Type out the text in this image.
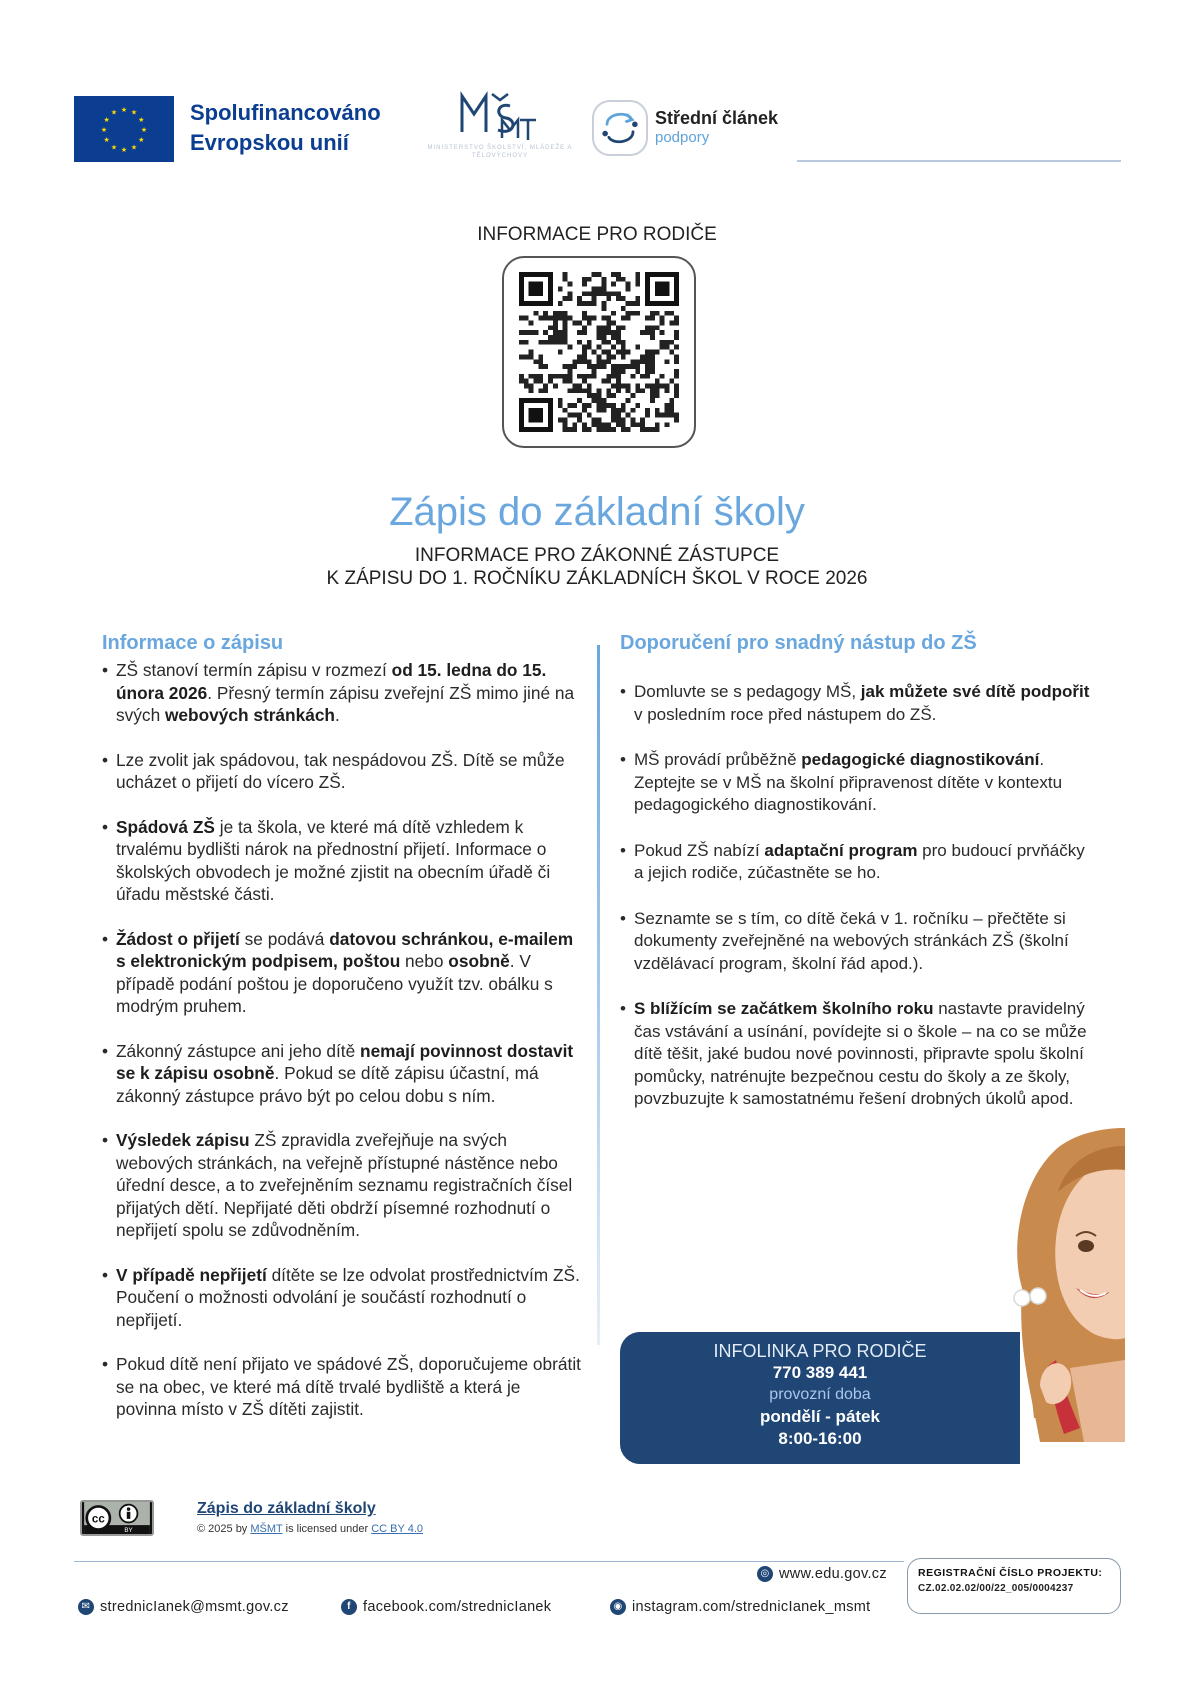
★ ★
★
★
★
★
★
★
★
★
★
★	Spolufinancováno
Evropskou unií	MINISTERSTVO ŠKOLSTVÍ, MLÁDEŽE A TĚLOVÝCHOVY
Střední článek
podpory
INFORMACE PRO RODIČE
Zápis do základní školy
INFORMACE PRO ZÁKONNÉ ZÁSTUPCE
K ZÁPISU DO 1. ROČNÍKU ZÁKLADNÍCH ŠKOL V ROCE 2026
Informace o zápisu
• ZŠ stanoví termín zápisu v rozmezí od 15. ledna do 15. února 2026. Přesný termín zápisu zveřejní ZŠ mimo jiné na svých webových stránkách.
• Lze zvolit jak spádovou, tak nespádovou ZŠ. Dítě se může ucházet o přijetí do vícero ZŠ.
• Spádová ZŠ je ta škola, ve které má dítě vzhledem k trvalému bydlišti nárok na přednostní přijetí. Informace o školských obvodech je možné zjistit na obecním úřadě či úřadu městské části.
• Žádost o přijetí se podává datovou schránkou, e-mailem s elektronickým podpisem, poštou nebo osobně. V případě podání poštou je doporučeno využít tzv. obálku s modrým pruhem.
• Zákonný zástupce ani jeho dítě nemají povinnost dostavit se k zápisu osobně. Pokud se dítě zápisu účastní, má zákonný zástupce právo být po celou dobu s ním.
• Výsledek zápisu ZŠ zpravidla zveřejňuje na svých webových stránkách, na veřejně přístupné nástěnce nebo úřední desce, a to zveřejněním seznamu registračních čísel přijatých dětí. Nepřijaté děti obdrží písemné rozhodnutí o nepřijetí spolu se zdůvodněním.
• V případě nepřijetí dítěte se lze odvolat prostřednictvím ZŠ. Poučení o možnosti odvolání je součástí rozhodnutí o nepřijetí.
• Pokud dítě není přijato ve spádové ZŠ, doporučujeme obrátit se na obec, ve které má dítě trvalé bydliště a která je povinna místo v ZŠ dítěti zajistit.
Doporučení pro snadný nástup do ZŠ
• Domluvte se s pedagogy MŠ, jak můžete své dítě podpořit v posledním roce před nástupem do ZŠ.
• MŠ provádí průběžně pedagogické diagnostikování. Zeptejte se v MŠ na školní připravenost dítěte v kontextu pedagogického diagnostikování.
• Pokud ZŠ nabízí adaptační program pro budoucí prvňáčky a jejich rodiče, zúčastněte se ho.
• Seznamte se s tím, co dítě čeká v 1. ročníku – přečtěte si dokumenty zveřejněné na webových stránkách ZŠ (školní vzdělávací program, školní řád apod.).
• S blížícím se začátkem školního roku nastavte pravidelný čas vstávání a usínání, povídejte si o škole – na co se může dítě těšit, jaké budou nové povinnosti, připravte spolu školní pomůcky, natrénujte bezpečnou cestu do školy a ze školy, povzbuzujte k samostatnému řešení drobných úkolů apod.
INFOLINKA PRO RODIČE
770 389 441
provozní doba
pondělí - pátek
8:00-16:00
cc
BY
Zápis do základní školy
© 2025 by MŠMT is licensed under CC BY 4.0
◎ www.edu.gov.cz
✉ strednicIanek@msmt.gov.cz	f facebook.com/strednicIanek	◉ instagram.com/strednicIanek_msmt
REGISTRAČNÍ ČÍSLO PROJEKTU:
CZ.02.02.02/00/22_005/0004237
